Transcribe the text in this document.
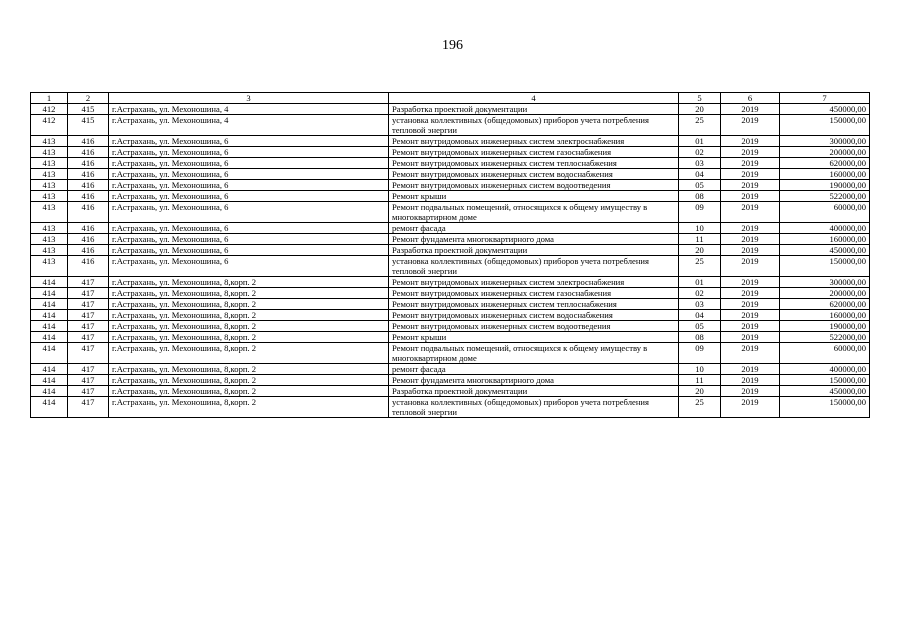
196
1	2	3	4	5	6	7
412	415	г.Астрахань, ул. Мехоношина, 4	Разработка проектной документации	20	2019	450000,00
412	415	г.Астрахань, ул. Мехоношина, 4	установка коллективных (общедомовых) приборов учета потребления тепловой энергии	25	2019	150000,00
413	416	г.Астрахань, ул. Мехоношина, 6	Ремонт внутридомовых инженерных систем электроснабжения	01	2019	300000,00
413	416	г.Астрахань, ул. Мехоношина, 6	Ремонт внутридомовых инженерных систем газоснабжения	02	2019	200000,00
413	416	г.Астрахань, ул. Мехоношина, 6	Ремонт внутридомовых инженерных систем теплоснабжения	03	2019	620000,00
413	416	г.Астрахань, ул. Мехоношина, 6	Ремонт внутридомовых инженерных систем водоснабжения	04	2019	160000,00
413	416	г.Астрахань, ул. Мехоношина, 6	Ремонт внутридомовых инженерных систем водоотведения	05	2019	190000,00
413	416	г.Астрахань, ул. Мехоношина, 6	Ремонт крыши	08	2019	522000,00
413	416	г.Астрахань, ул. Мехоношина, 6	Ремонт подвальных помещений, относящихся к общему имуществу в многоквартирном доме	09	2019	60000,00
413	416	г.Астрахань, ул. Мехоношина, 6	ремонт фасада	10	2019	400000,00
413	416	г.Астрахань, ул. Мехоношина, 6	Ремонт фундамента многоквартирного дома	11	2019	160000,00
413	416	г.Астрахань, ул. Мехоношина, 6	Разработка проектной документации	20	2019	450000,00
413	416	г.Астрахань, ул. Мехоношина, 6	установка коллективных (общедомовых) приборов учета потребления тепловой энергии	25	2019	150000,00
414	417	г.Астрахань, ул. Мехоношина, 8,корп. 2	Ремонт внутридомовых инженерных систем электроснабжения	01	2019	300000,00
414	417	г.Астрахань, ул. Мехоношина, 8,корп. 2	Ремонт внутридомовых инженерных систем газоснабжения	02	2019	200000,00
414	417	г.Астрахань, ул. Мехоношина, 8,корп. 2	Ремонт внутридомовых инженерных систем теплоснабжения	03	2019	620000,00
414	417	г.Астрахань, ул. Мехоношина, 8,корп. 2	Ремонт внутридомовых инженерных систем водоснабжения	04	2019	160000,00
414	417	г.Астрахань, ул. Мехоношина, 8,корп. 2	Ремонт внутридомовых инженерных систем водоотведения	05	2019	190000,00
414	417	г.Астрахань, ул. Мехоношина, 8,корп. 2	Ремонт крыши	08	2019	522000,00
414	417	г.Астрахань, ул. Мехоношина, 8,корп. 2	Ремонт подвальных помещений, относящихся к общему имуществу в многоквартирном доме	09	2019	60000,00
414	417	г.Астрахань, ул. Мехоношина, 8,корп. 2	ремонт фасада	10	2019	400000,00
414	417	г.Астрахань, ул. Мехоношина, 8,корп. 2	Ремонт фундамента многоквартирного дома	11	2019	150000,00
414	417	г.Астрахань, ул. Мехоношина, 8,корп. 2	Разработка проектной документации	20	2019	450000,00
414	417	г.Астрахань, ул. Мехоношина, 8,корп. 2	установка коллективных (общедомовых) приборов учета потребления тепловой энергии	25	2019	150000,00
